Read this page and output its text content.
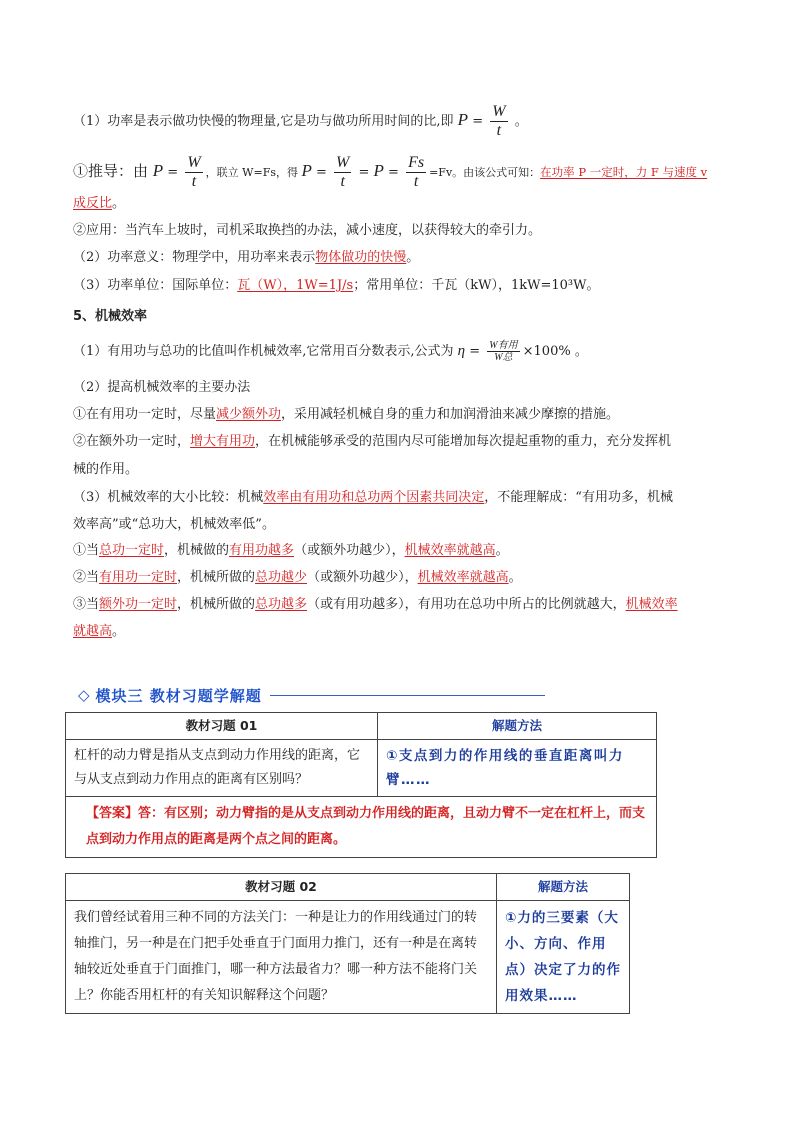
（1）功率是表示做功快慢的物理量,它是功与做功所用时间的比,即 $P = \frac{W}{t}$ 。
①推导：由 $P = \frac{W}{t}$ ，联立 W=Fs，得 $P = \frac{W}{t} = P = \frac{Fs}{t} =Fv$。由该公式可知：在功率 P 一定时，力 F 与速度 v
成反比。
②应用：当汽车上坡时，司机采取换挡的办法，减小速度，以获得较大的牵引力。
（2）功率意义：物理学中，用功率来表示物体做功的快慢。
（3）功率单位：国际单位：瓦（W），1W=1J/s；常用单位：千瓦（kW），1kW=10³W。
5、机械效率
（1）有用功与总功的比值叫作机械效率,它常用百分数表示,公式为 $\eta = \frac{\text{W有用}}{\text{W总}} \times 100\%$ 。
（2）提高机械效率的主要办法
①在有用功一定时，尽量减少额外功，采用减轻机械自身的重力和加润滑油来减少摩擦的措施。
②在额外功一定时，增大有用功，在机械能够承受的范围内尽可能增加每次提起重物的重力，充分发挥机
械的作用。
（3）机械效率的大小比较：机械效率由有用功和总功两个因素共同决定，不能理解成：“有用功多，机械
效率高”或“总功大，机械效率低”。
①当总功一定时，机械做的有用功越多（或额外功越少），机械效率就越高。
②当有用功一定时，机械所做的总功越少（或额外功越少），机械效率就越高。
③当额外功一定时，机械所做的总功越多（或有用功越多），有用功在总功中所占的比例就越大，机械效率
就越高。
◇ 模块三 教材习题学解题
教材习题 01	解题方法
杠杆的动力臂是指从支点到动力作用线的距离，它与从支点到动力作用点的距离有区别吗？	①支点到力的作用线的垂直距离叫力臂……
【答案】答：有区别；动力臂指的是从支点到动力作用线的距离，且动力臂不一定在杠杆上，而支点到动力作用点的距离是两个点之间的距离。	
教材习题 02	解题方法
我们曾经试着用三种不同的方法关门：一种是让力的作用线通过门的转轴推门，另一种是在门把手处垂直于门面用力推门，还有一种是在离转轴较近处垂直于门面推门，哪一种方法最省力？哪一种方法不能将门关上？你能否用杠杆的有关知识解释这个问题？	①力的三要素（大小、方向、作用点）决定了力的作用效果……
